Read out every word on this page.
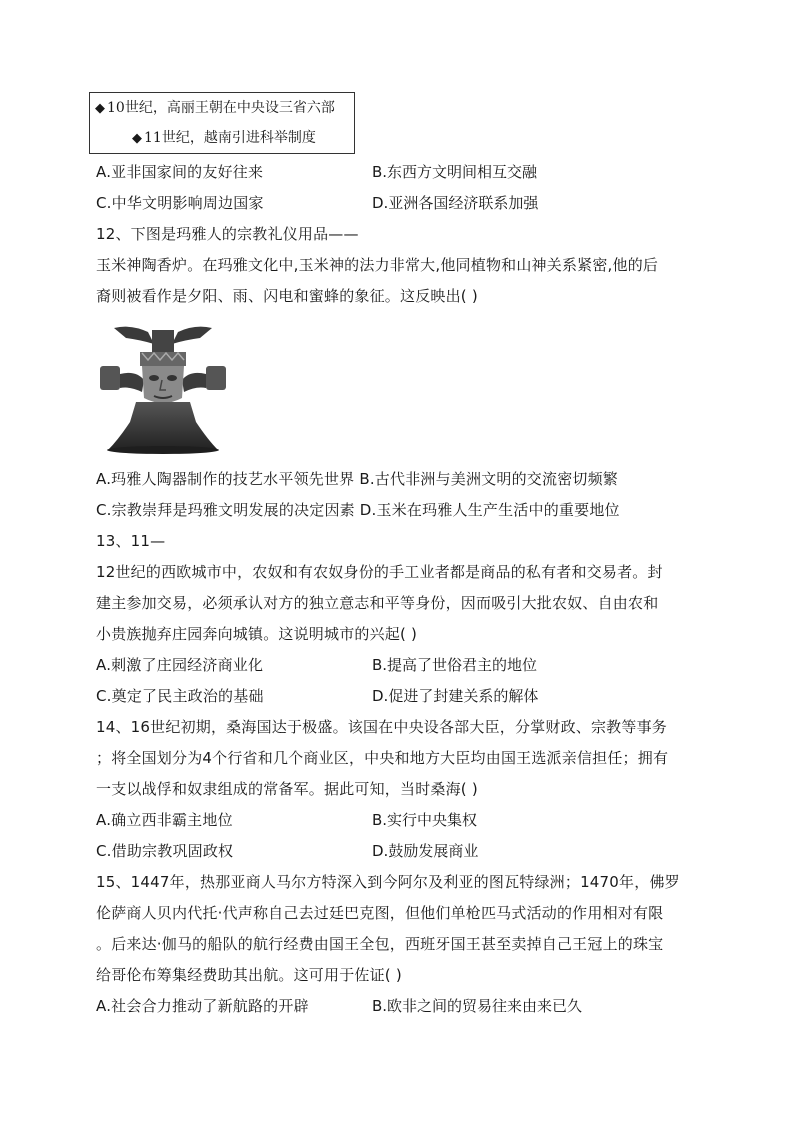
◆ 10世纪，高丽王朝在中央设三省六部
◆ 11世纪，越南引进科举制度
A.亚非国家间的友好往来	B.东西方文明间相互交融
C.中华文明影响周边国家	D.亚洲各国经济联系加强
12、下图是玛雅人的宗教礼仪用品——
玉米神陶香炉。在玛雅文化中,玉米神的法力非常大,他同植物和山神关系紧密,他的后
裔则被看作是夕阳、雨、闪电和蜜蜂的象征。这反映出( )
A.玛雅人陶器制作的技艺水平领先世界 B.古代非洲与美洲文明的交流密切频繁
C.宗教崇拜是玛雅文明发展的决定因素 D.玉米在玛雅人生产生活中的重要地位
13、11—
12世纪的西欧城市中，农奴和有农奴身份的手工业者都是商品的私有者和交易者。封
建主参加交易，必须承认对方的独立意志和平等身份，因而吸引大批农奴、自由农和
小贵族抛弃庄园奔向城镇。这说明城市的兴起( )
A.刺激了庄园经济商业化	B.提高了世俗君主的地位
C.奠定了民主政治的基础	D.促进了封建关系的解体
14、16世纪初期，桑海国达于极盛。该国在中央设各部大臣，分掌财政、宗教等事务
；将全国划分为4个行省和几个商业区，中央和地方大臣均由国王选派亲信担任；拥有
一支以战俘和奴隶组成的常备军。据此可知，当时桑海( )
A.确立西非霸主地位	B.实行中央集权
C.借助宗教巩固政权	D.鼓励发展商业
15、1447年，热那亚商人马尔方特深入到今阿尔及利亚的图瓦特绿洲；1470年，佛罗
伦萨商人贝内代托·代声称自己去过廷巴克图，但他们单枪匹马式活动的作用相对有限
。后来达·伽马的船队的航行经费由国王全包，西班牙国王甚至卖掉自己王冠上的珠宝
给哥伦布筹集经费助其出航。这可用于佐证( )
A.社会合力推动了新航路的开辟	B.欧非之间的贸易往来由来已久
